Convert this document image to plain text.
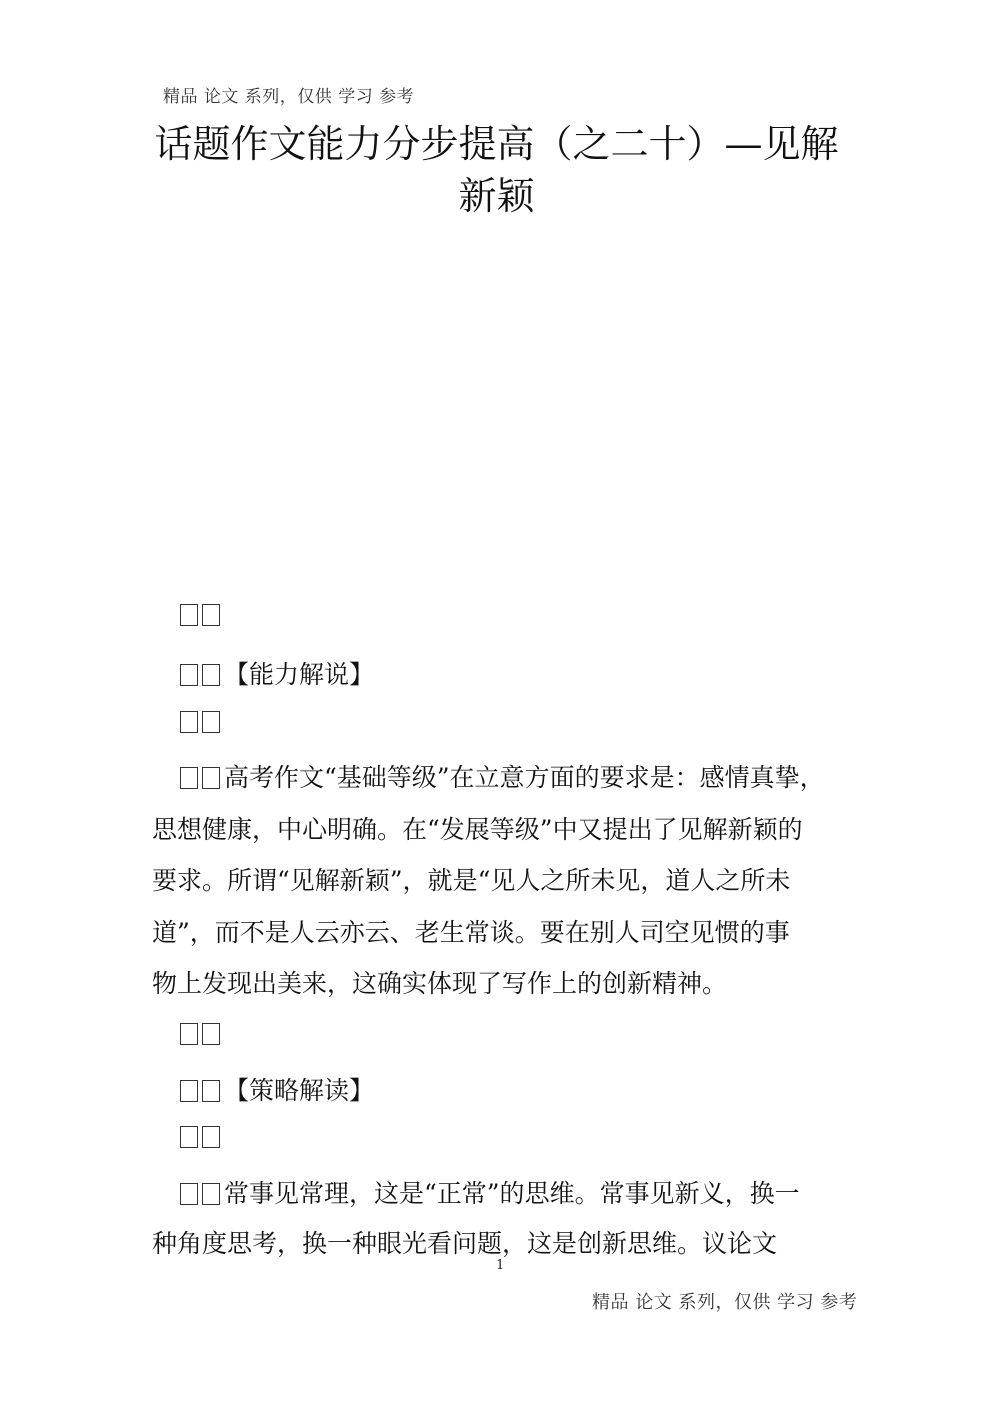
精品 论文 系列，仅供 学习 参考
话题作文能力分步提高（之二十）—见解
新颖
【能力解说】
高考作文“基础等级”在立意方面的要求是：感情真挚，
思想健康，中心明确。在“发展等级”中又提出了见解新颖的
要求。所谓“见解新颖”，就是“见人之所未见，道人之所未
道”，而不是人云亦云、老生常谈。要在别人司空见惯的事
物上发现出美来，这确实体现了写作上的创新精神。
【策略解读】
常事见常理，这是“正常”的思维。常事见新义，换一
种角度思考，换一种眼光看问题，这是创新思维。议论文
1
精品 论文 系列，仅供 学习 参考
